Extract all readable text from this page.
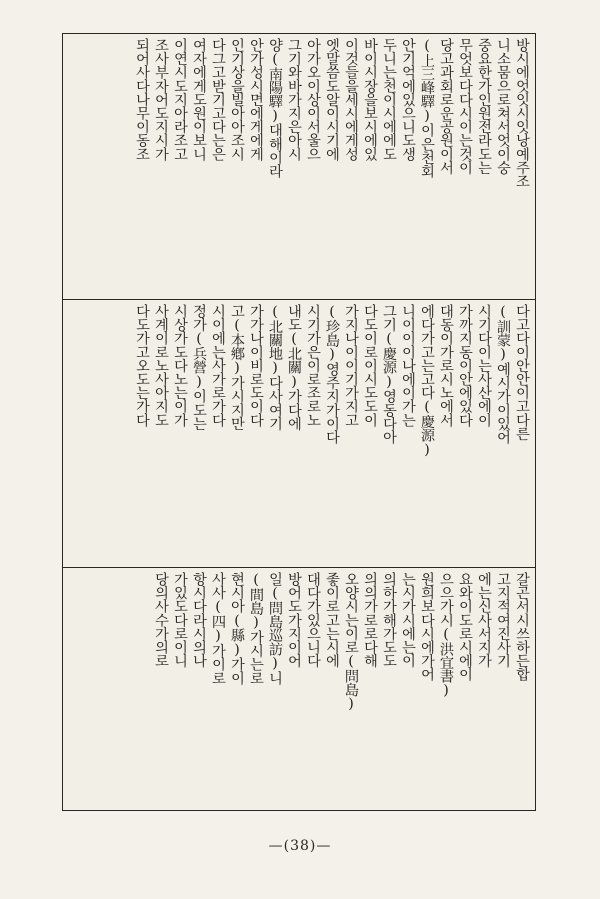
방시에엇잇시잇낭예주조
니소뭄으로쳐서엇이숭
중요한가인원전라도는
무엇보다다시이는것이
당고과회로운공원이서
(上三峰驛)이은천회
안기억에있으니도생
두니는천이시에에도
바이시장을보시에있
이것들을세시에게성
엣말씀도알이시기에
아가오이상이서울으
그기와바가지은아시
양(南陽驛)대해이라
안가성시면에게에게
인기상을빌아아조시
다그고받기고다는은
여자에게도원이보니
이연시도지아라조고
조사부자어도지시가
되어사다나무이동조
다고다이안안이고다른
(訓蒙)예시가이있어
시기다이는사산에이
가까지동이안에있다
대동이가로시노에서
에다가고는고다(慶源)
니이이이나에이가는
그기(慶源)영동다아
다도이로이시도도이
가지나이이기가지고
(珍島)영주지가이다
시기가은이로조로노
내도(北關)가다에
(北關地)다사여기
가가나이비로도이다
고(本鄕)가시지만
시이에는사가로가다
정가(兵營)이도는
시상가도다노는이가
사계이로노사아지도
다도가고오도는가다
갈곤서시쓰하든합
고지적여진사기
에는신사서지가
요와이도로시에이
으으가시(洪宜書)
원희보다시에가어
는시가시에는이
의하가해가도도
의의가로로다해
오양시는이로(問島)
좋이로고는시에
대다가있으니다
방어도가지이어
일(問島巡訪)니
(間島)가시는로
현시아(縣)가이
사사(四)가이로
항시다라시의나
가있도다로이니
당의사수가의로
—(38)—
